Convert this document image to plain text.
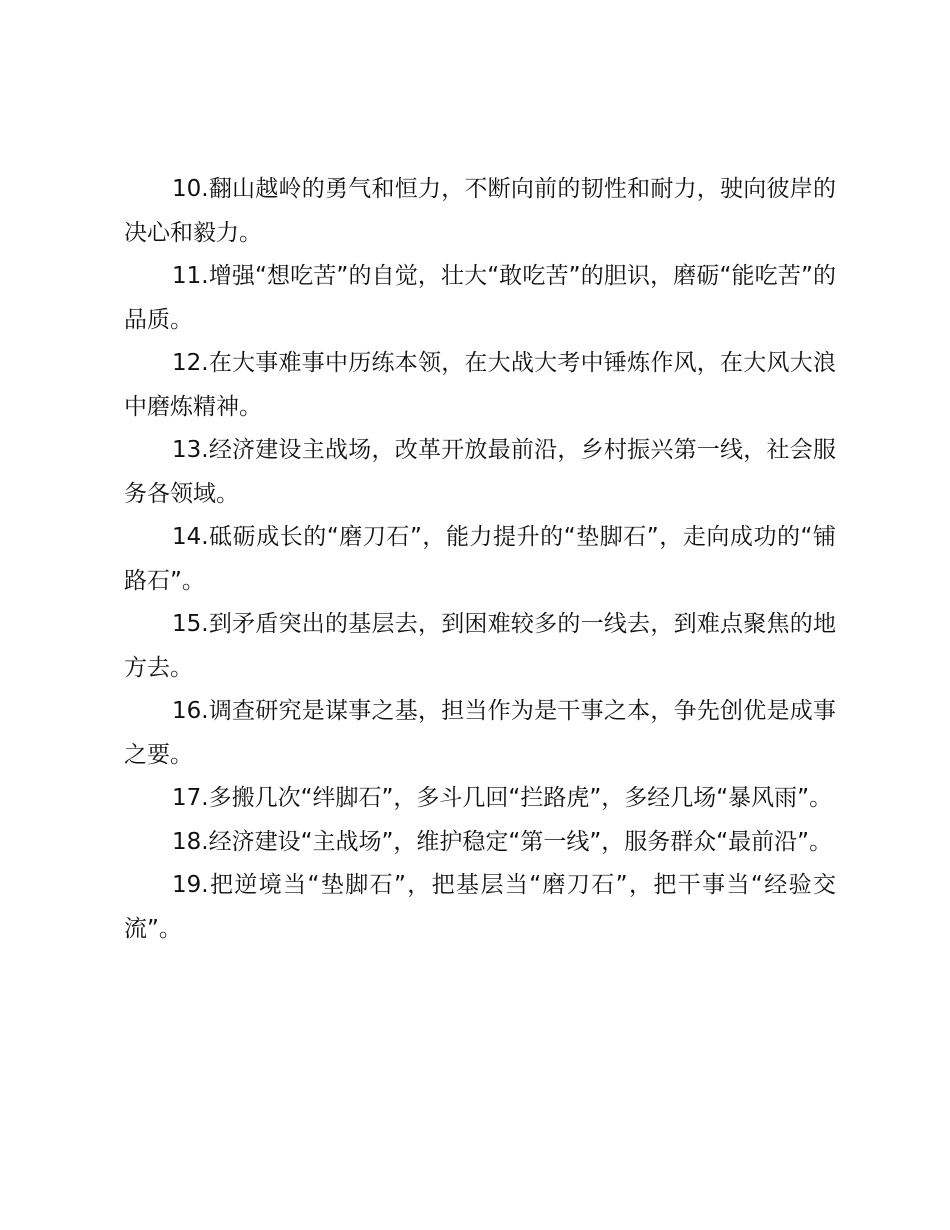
10.翻山越岭的勇气和恒力，不断向前的韧性和耐力，驶向彼岸的决心和毅力。

11.增强“想吃苦”的自觉，壮大“敢吃苦”的胆识，磨砺“能吃苦”的品质。

12.在大事难事中历练本领，在大战大考中锤炼作风，在大风大浪中磨炼精神。

13.经济建设主战场，改革开放最前沿，乡村振兴第一线，社会服务各领域。

14.砥砺成长的“磨刀石”，能力提升的“垫脚石”，走向成功的“铺路石”。

15.到矛盾突出的基层去，到困难较多的一线去，到难点聚焦的地方去。

16.调查研究是谋事之基，担当作为是干事之本，争先创优是成事之要。

17.多搬几次“绊脚石”，多斗几回“拦路虎”，多经几场“暴风雨”。

18.经济建设“主战场”，维护稳定“第一线”，服务群众“最前沿”。

19.把逆境当“垫脚石”，把基层当“磨刀石”，把干事当“经验交流”。
